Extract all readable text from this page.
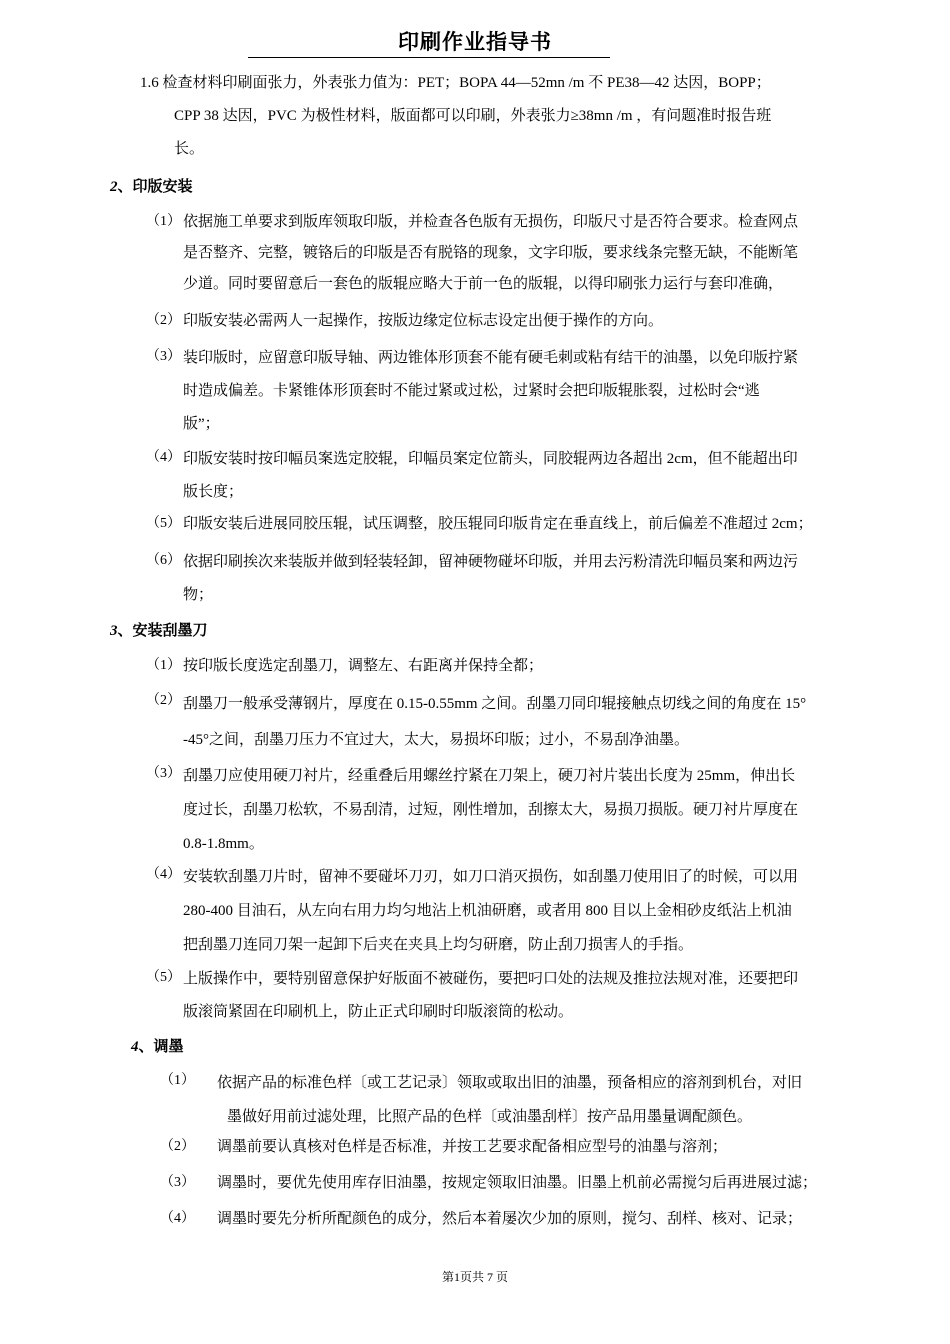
印刷作业指导书
1.6 检查材料印刷面张力，外表张力值为：PET；BOPA 44—52mn /m 不 PE38—42 达因，BOPP；
CPP 38 达因，PVC 为极性材料，版面都可以印刷，外表张力≥38mn /m ，有问题准时报告班
长。
2、印版安装
（1） 依据施工单要求到版库领取印版，并检查各色版有无损伤，印版尺寸是否符合要求。检查网点
是否整齐、完整，镀铬后的印版是否有脱铬的现象，文字印版，要求线条完整无缺，不能断笔
少道。同时要留意后一套色的版辊应略大于前一色的版辊，以得印刷张力运行与套印准确，
（2） 印版安装必需两人一起操作，按版边缘定位标志设定出便于操作的方向。
（3） 装印版时，应留意印版导轴、两边锥体形顶套不能有硬毛刺或粘有结干的油墨，以免印版拧紧
时造成偏差。卡紧锥体形顶套时不能过紧或过松，过紧时会把印版辊胀裂，过松时会“逃
版”；
（4） 印版安装时按印幅员案选定胶辊，印幅员案定位箭头，同胶辊两边各超出 2cm，但不能超出印
版长度；
（5） 印版安装后进展同胶压辊，试压调整，胶压辊同印版肯定在垂直线上，前后偏差不准超过 2cm；
（6） 依据印刷挨次来装版并做到轻装轻卸，留神硬物碰坏印版，并用去污粉清洗印幅员案和两边污
物；
3、安装刮墨刀
（1） 按印版长度选定刮墨刀，调整左、右距离并保持全都；
（2） 刮墨刀一般承受薄钢片，厚度在 0.15-0.55mm 之间。刮墨刀同印辊接触点切线之间的角度在 15°
-45°之间，刮墨刀压力不宜过大，太大，易损坏印版；过小，不易刮净油墨。
（3） 刮墨刀应使用硬刀衬片，经重叠后用螺丝拧紧在刀架上，硬刀衬片装出长度为 25mm，伸出长
度过长，刮墨刀松软，不易刮清，过短，刚性增加，刮擦太大，易损刀损版。硬刀衬片厚度在
0.8-1.8mm。
（4） 安装软刮墨刀片时，留神不要碰坏刀刃，如刀口消灭损伤，如刮墨刀使用旧了的时候，可以用
280-400 目油石，从左向右用力均匀地沾上机油研磨，或者用 800 目以上金相砂皮纸沾上机油
把刮墨刀连同刀架一起卸下后夹在夹具上均匀研磨，防止刮刀损害人的手指。
（5） 上版操作中，要特别留意保护好版面不被碰伤，要把叼口处的法规及推拉法规对准，还要把印
版滚筒紧固在印刷机上，防止正式印刷时印版滚筒的松动。
4、调墨
（1） 依据产品的标准色样〔或工艺记录〕领取或取出旧的油墨，预备相应的溶剂到机台，对旧
墨做好用前过滤处理，比照产品的色样〔或油墨刮样〕按产品用墨量调配颜色。
（2） 调墨前要认真核对色样是否标准，并按工艺要求配备相应型号的油墨与溶剂；
（3） 调墨时，要优先使用库存旧油墨，按规定领取旧油墨。旧墨上机前必需搅匀后再进展过滤；
（4） 调墨时要先分析所配颜色的成分，然后本着屡次少加的原则，搅匀、刮样、核对、记录；
第1页共 7 页
